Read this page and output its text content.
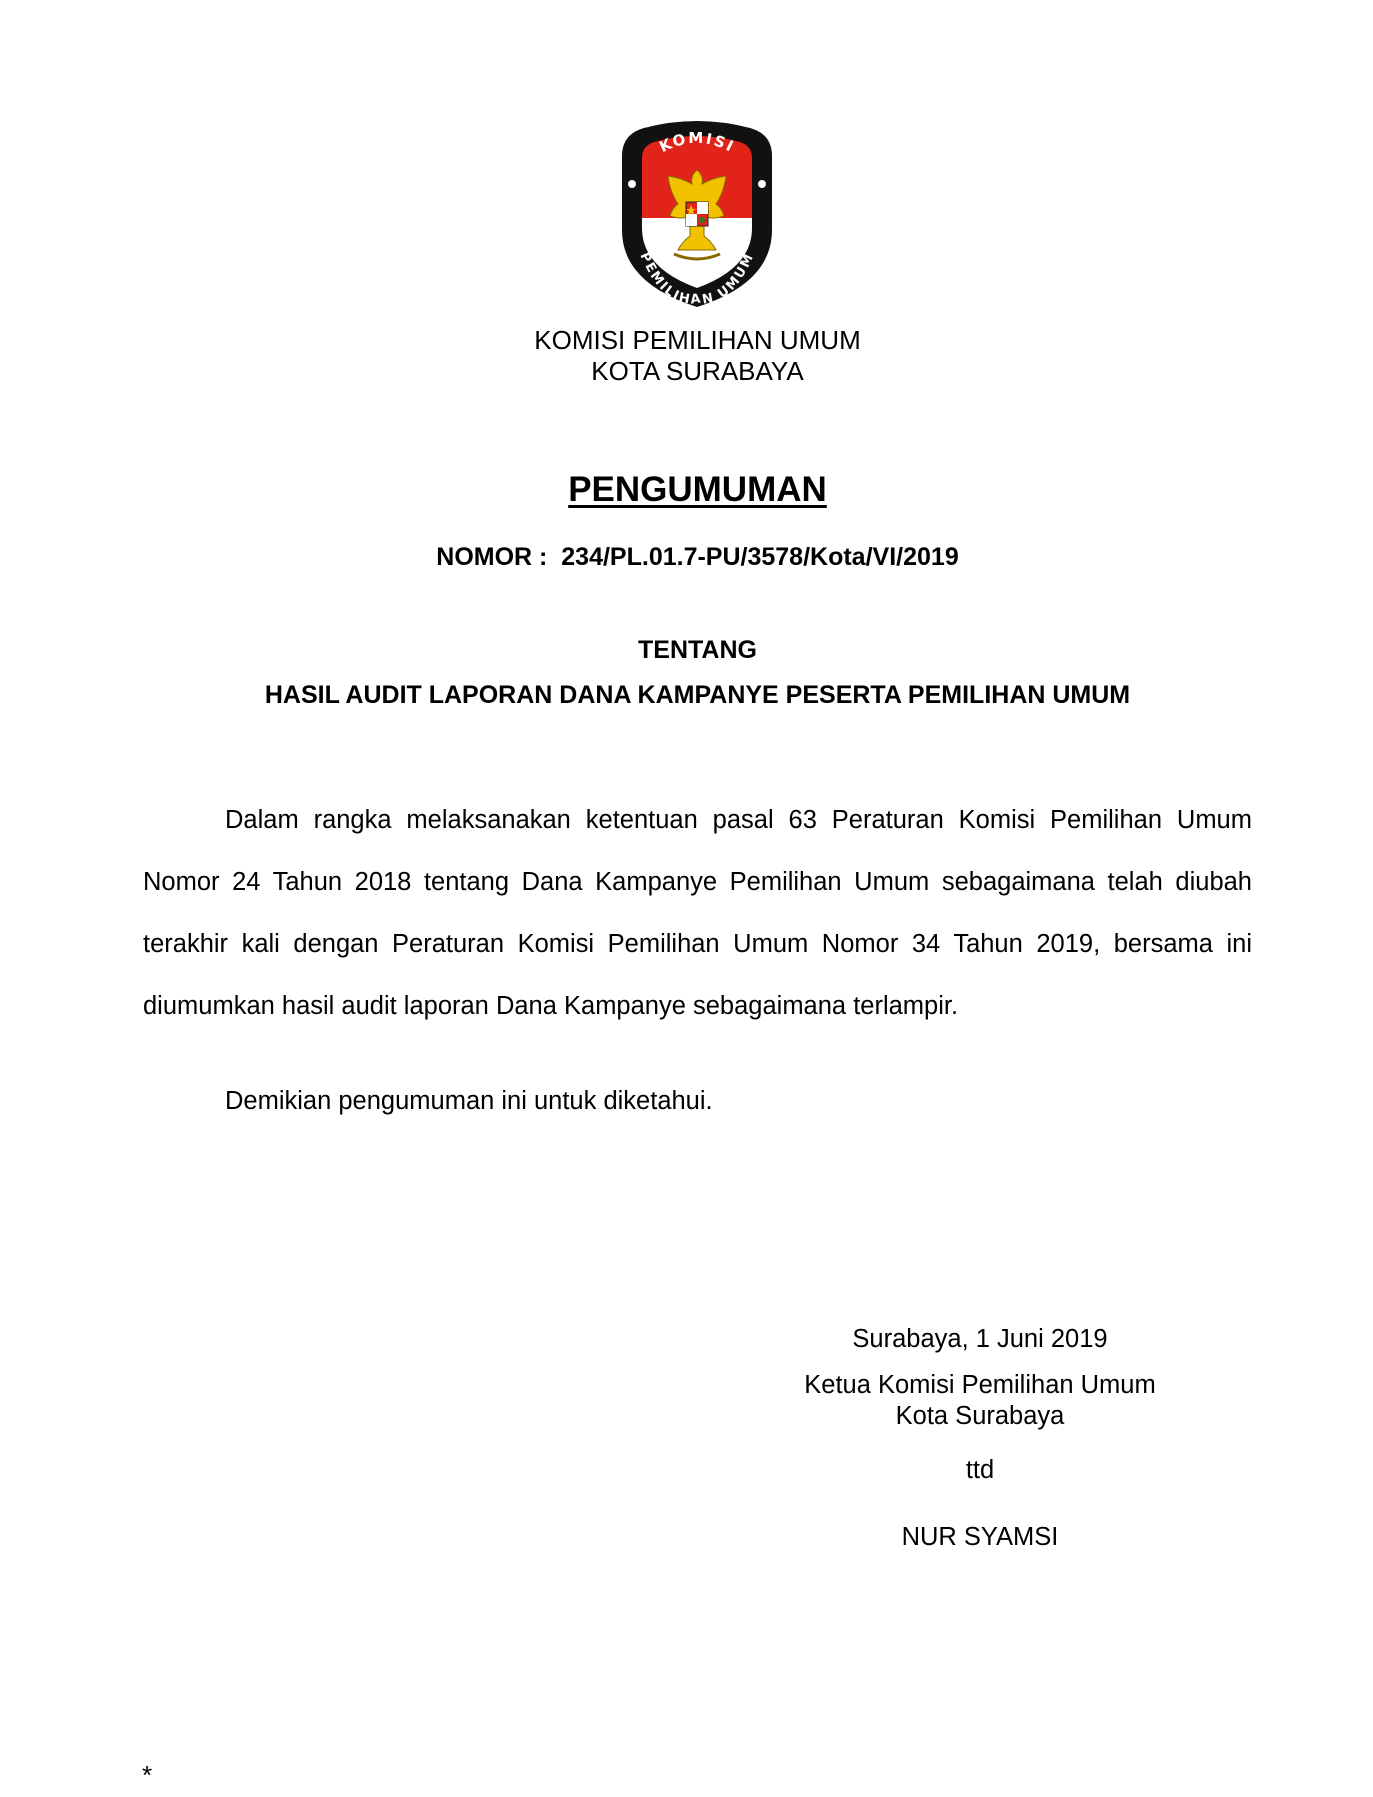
KOMISI
PEMILIHAN UMUM
KOMISI PEMILIHAN UMUM
KOTA SURABAYA
PENGUMUMAN
NOMOR :  234/PL.01.7-PU/3578/Kota/VI/2019
TENTANG
HASIL AUDIT LAPORAN DANA KAMPANYE PESERTA PEMILIHAN UMUM

Dalam rangka melaksanakan ketentuan pasal 63 Peraturan Komisi Pemilihan Umum Nomor 24 Tahun 2018 tentang Dana Kampanye Pemilihan Umum sebagaimana telah diubah terakhir kali dengan Peraturan Komisi Pemilihan Umum Nomor 34 Tahun 2019, bersama ini diumumkan hasil audit laporan Dana Kampanye sebagaimana terlampir.

Demikian pengumuman ini untuk diketahui.
Surabaya, 1 Juni 2019
Ketua Komisi Pemilihan Umum
Kota Surabaya
ttd
NUR SYAMSI
*
